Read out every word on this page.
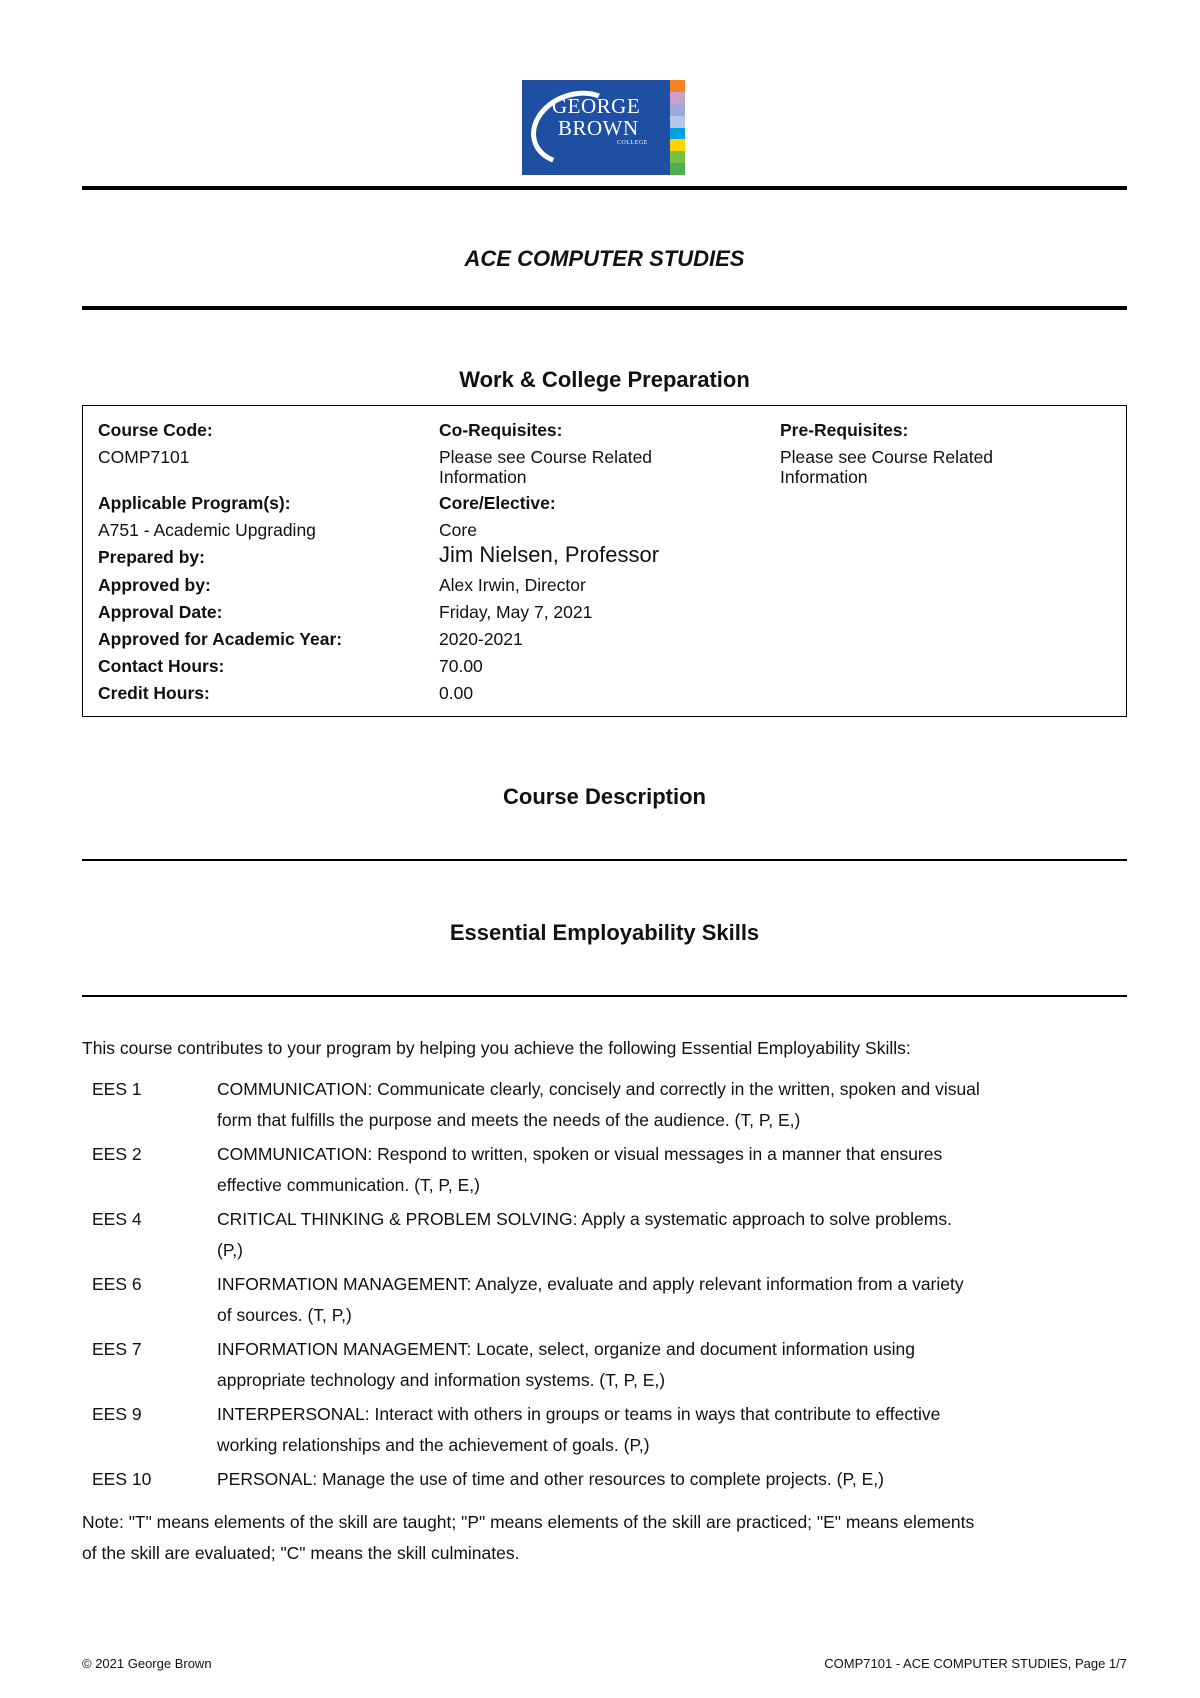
GEORGE
BROWN
COLLEGE
ACE COMPUTER STUDIES
Work & College Preparation
Course Code:
COMP7101
Co-Requisites:
Please see Course Related
Information
Pre-Requisites:
Please see Course Related
Information
Applicable Program(s):
A751 - Academic Upgrading
Core/Elective:
Core
Prepared by:	Jim Nielsen, Professor
Approved by:	Alex Irwin, Director
Approval Date:	Friday, May 7, 2021
Approved for Academic Year:	2020-2021
Contact Hours:	70.00
Credit Hours:	0.00
Course Description
Essential Employability Skills
This course contributes to your program by helping you achieve the following Essential Employability Skills:
EES 1	COMMUNICATION: Communicate clearly, concisely and correctly in the written, spoken and visual
form that fulfills the purpose and meets the needs of the audience. (T, P, E,)
EES 2	COMMUNICATION: Respond to written, spoken or visual messages in a manner that ensures
effective communication. (T, P, E,)
EES 4	CRITICAL THINKING & PROBLEM SOLVING: Apply a systematic approach to solve problems.
(P,)
EES 6	INFORMATION MANAGEMENT: Analyze, evaluate and apply relevant information from a variety
of sources. (T, P,)
EES 7	INFORMATION MANAGEMENT: Locate, select, organize and document information using
appropriate technology and information systems. (T, P, E,)
EES 9	INTERPERSONAL: Interact with others in groups or teams in ways that contribute to effective
working relationships and the achievement of goals. (P,)
EES 10	PERSONAL: Manage the use of time and other resources to complete projects. (P, E,)
Note: "T" means elements of the skill are taught; "P" means elements of the skill are practiced; "E" means elements
of the skill are evaluated; "C" means the skill culminates.
© 2021 George Brown	COMP7101 - ACE COMPUTER STUDIES, Page 1/7
